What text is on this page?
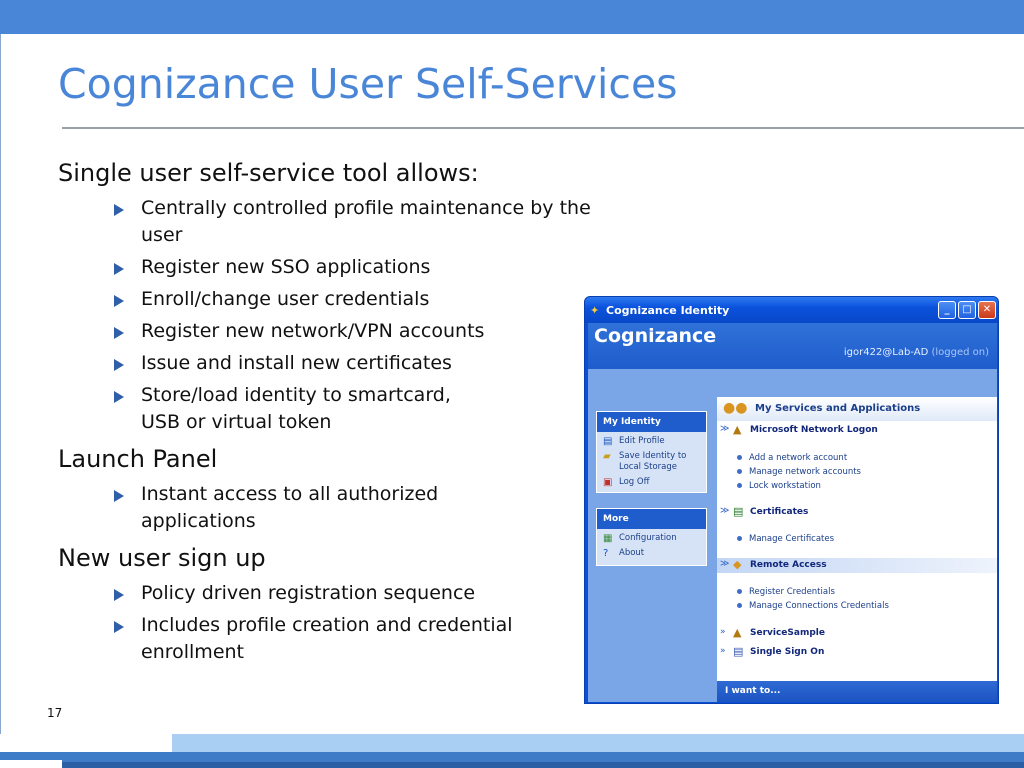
Cognizance User Self-Services
Single user self-service tool allows:
Centrally controlled profile maintenance by the user
Register new SSO applications
Enroll/change user credentials
Register new network/VPN accounts
Issue and install new certificates
Store/load identity to smartcard,
USB or virtual token
Launch Panel
Instant access to all authorized
applications
New user sign up
Policy driven registration sequence
Includes profile creation and credential
enrollment
✦ Cognizance Identity	_	□	✕
Cognizance
igor422@Lab-AD (logged on)
My Identity
▤ Edit Profile
▰ Save Identity to
Local Storage
▣ Log Off
More
▦ Configuration
? About
●● My Services and Applications
≫ ▲ Microsoft Network Logon
Add a network account
Manage network accounts
Lock workstation
≫ ▤ Certificates
Manage Certificates
≫ ◆ Remote Access
Register Credentials
Manage Connections Credentials
» ▲ ServiceSample
» ▤ Single Sign On
I want to...
17
